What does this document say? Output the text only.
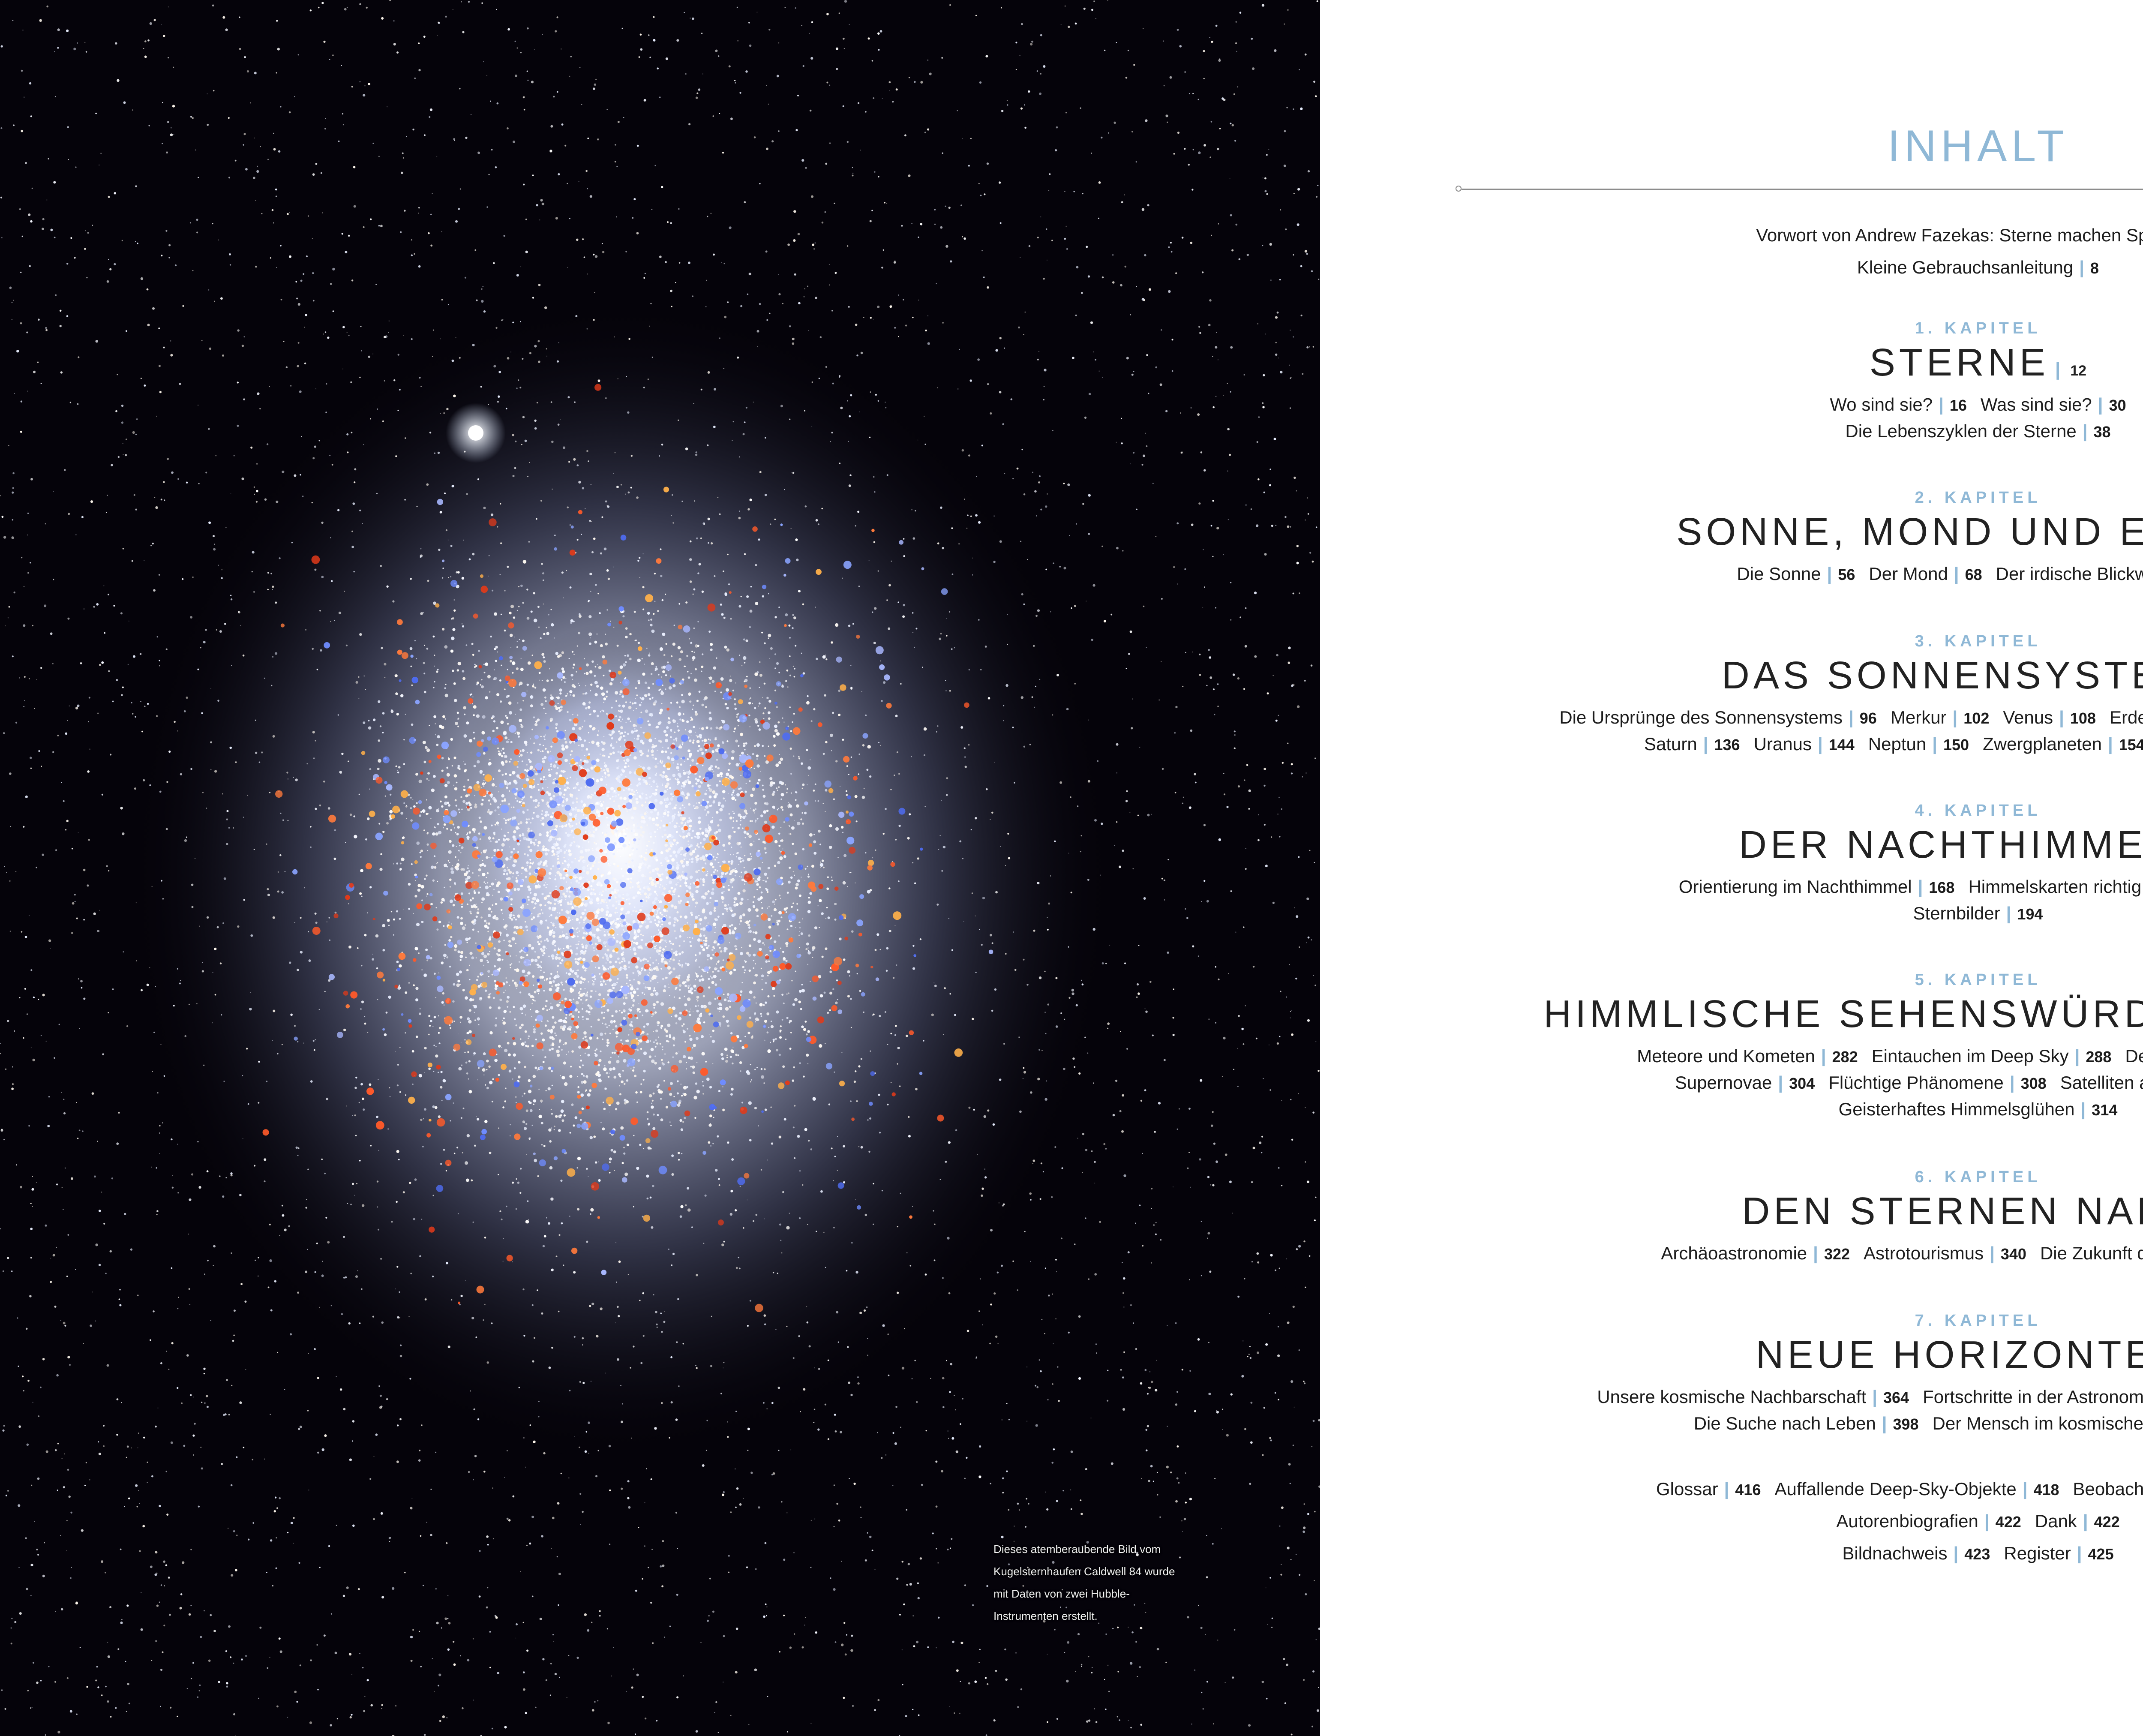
Dieses atemberaubende Bild vom Kugelsternhaufen Caldwell 84 wurde mit Daten von zwei Hubble-Instrumenten erstellt.
INHALT
Vorwort von Andrew Fazekas: Sterne machen Spaß!
Kleine Gebrauchsanleitung | 8
1. KAPITEL
STERNE | 12
Wo sind sie? | 16 Was sind sie? | 30
Die Lebenszyklen der Sterne | 38
2. KAPITEL
SONNE, MOND UND E
Die Sonne | 56 Der Mond | 68 Der irdische Blickw
3. KAPITEL
DAS SONNENSYST
Die Ursprünge des Sonnensystems | 96 Merkur | 102 Venus | 108 Erde
Saturn | 136 Uranus | 144 Neptun | 150 Zwergplaneten | 154
4. KAPITEL
DER NACHTHIMMEL
Orientierung im Nachthimmel | 168 Himmelskarten richtig
Sternbilder | 194
5. KAPITEL
HIMMLISCHE SEHENSWÜRD
Meteore und Kometen | 282 Eintauchen im Deep Sky | 288 D
Supernovae | 304 Flüchtige Phänomene | 308 Satelliten
Geisterhaftes Himmelsglühen | 314
6. KAPITEL
DEN STERNEN NAH
Archäoastronomie | 322 Astrotourismus | 340 Die Zukunft d
7. KAPITEL
NEUE HORIZONTE
Unsere kosmische Nachbarschaft | 364 Fortschritte in der Astronomie
Die Suche nach Leben | 398 Der Mensch im kosmische
Glossar | 416 Auffallende Deep-Sky-Objekte | 418 Beobach
Autorenbiografien | 422 Dank | 422
Bildnachweis | 423 Register | 425
